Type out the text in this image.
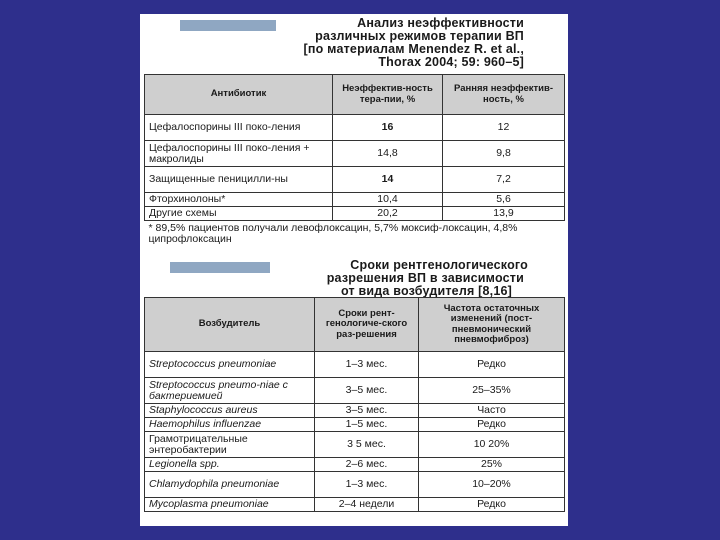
Анализ неэффективности
различных режимов терапии ВП
[по материалам Menendez R. et al.,
Thorax 2004; 59: 960–5]
Антибиотик	Неэффектив-ность тера-пии, %	Ранняя неэффектив-ность, %
Цефалоспорины III поко-ления	16	12
Цефалоспорины III поко-ления + макролиды	14,8	9,8
Защищенные пеницилли-ны	14	7,2
Фторхинолоны*	10,4	5,6
Другие схемы	20,2	13,9
* 89,5% пациентов получали левофлоксацин, 5,7% моксиф-локсацин, 4,8% ципрофлоксацин		
Сроки рентгенологического
разрешения ВП в зависимости
от вида возбудителя [8,16]
Возбудитель	Сроки рент-генологиче-ского раз-решения	Частота остаточных изменений (пост-пневмонический пневмофиброз)
Streptococcus pneumoniae	1–3 мес.	Редко
Streptococcus pneumo-niae с бактериемией	3–5 мес.	25–35%
Staphylococcus aureus	3–5 мес.	Часто
Haemophilus influenzae	1–5 мес.	Редко
Грамотрицательные энтеробактерии	3 5 мес.	10 20%
Legionella spp.	2–6 мес.	25%
Chlamydophila pneumoniae	1–3 мес.	10–20%
Mycoplasma pneumoniae	2–4 недели	Редко
